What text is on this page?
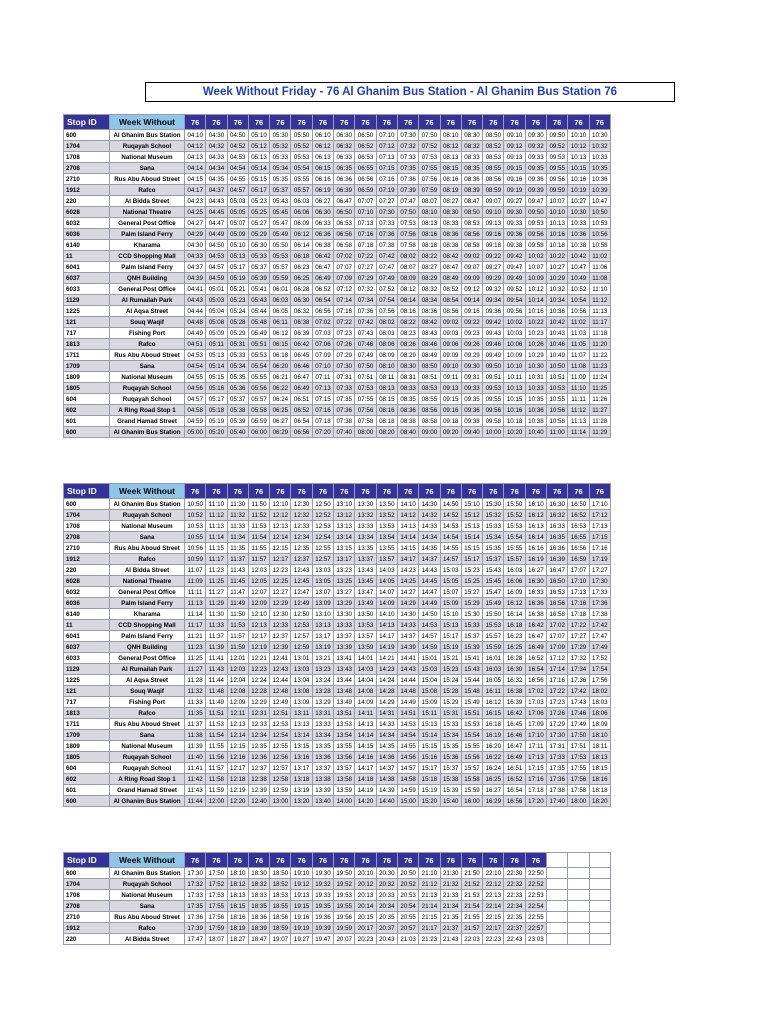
Week Without Friday - 76 Al Ghanim Bus Station - Al Ghanim Bus Station 76
Stop ID	Week Without	76	76	76	76	76	76	76	76	76	76	76	76	76	76	76	76	76	76	76	76
600	Al Ghanim Bus Station	04:10	04:30	04:50	05:10	05:30	05:50	06:10	06:30	06:50	07:10	07:30	07:50	08:10	08:30	08:50	09:10	09:30	09:50	10:10	10:30
1704	Ruqayah School	04:12	04:32	04:52	05:12	05:32	05:52	06:12	06:32	06:52	07:12	07:32	07:52	08:12	08:32	08:52	09:12	09:32	09:52	10:12	10:32
1708	National Museum	04:13	04:33	04:53	05:13	05:33	05:53	06:13	06:33	06:53	07:13	07:33	07:53	08:13	08:33	08:53	09:13	09:33	09:53	10:13	10:33
2708	Sana	04:14	04:34	04:54	05:14	05:34	05:54	06:15	06:35	06:55	07:15	07:35	07:55	08:15	08:35	08:55	09:15	09:35	09:55	10:15	10:35
2710	Rus Abu Aboud Street	04:15	04:35	04:55	05:15	05:35	05:55	06:16	06:36	06:56	07:16	07:36	07:56	08:16	08:36	08:56	09:16	09:36	09:56	10:16	10:36
1912	Rafco	04:17	04:37	04:57	05:17	05:37	05:57	06:19	06:39	06:59	07:19	07:39	07:59	08:19	08:39	08:59	09:19	09:39	09:59	10:19	10:39
220	Al Bidda Street	04:23	04:43	05:03	05:23	05:43	06:03	06:27	06:47	07:07	07:27	07:47	08:07	08:27	08:47	09:07	09:27	09:47	10:07	10:27	10:47
6028	National Theatre	04:25	04:45	05:05	05:25	05:45	06:06	06:30	06:50	07:10	07:30	07:50	08:10	08:30	08:50	09:10	09:30	09:50	10:10	10:30	10:50
6032	General Post Office	04:27	04:47	05:07	05:27	05:47	06:09	06:33	06:53	07:13	07:33	07:53	08:13	08:33	08:53	09:13	09:33	09:53	10:13	10:33	10:53
6036	Palm Island Ferry	04:29	04:49	05:09	05:29	05:49	06:12	06:36	06:56	07:16	07:36	07:56	08:16	08:36	08:56	09:16	09:36	09:56	10:16	10:36	10:56
6140	Kharama	04:30	04:50	05:10	05:30	05:50	06:14	06:38	06:58	07:18	07:38	07:58	08:18	08:38	08:58	09:18	09:38	09:58	10:18	10:38	10:58
11	CCD Shopping Mall	04:33	04:53	05:13	05:33	05:53	06:18	06:42	07:02	07:22	07:42	08:02	08:22	08:42	09:02	09:22	09:42	10:02	10:22	10:42	11:02
6041	Palm Island Ferry	04:37	04:57	05:17	05:37	05:57	06:23	06:47	07:07	07:27	07:47	08:07	08:27	08:47	09:07	09:27	09:47	10:07	10:27	10:47	11:06
6037	QNH Building	04:39	04:59	05:19	05:39	05:59	06:25	06:49	07:09	07:29	07:49	08:09	08:29	08:49	09:09	09:29	09:49	10:09	10:29	10:49	11:08
6033	General Post Office	04:41	05:01	05:21	05:41	06:01	06:28	06:52	07:12	07:32	07:52	08:12	08:32	08:52	09:12	09:32	09:52	10:12	10:32	10:52	11:10
1129	Al Rumailah Park	04:43	05:03	05:23	05:43	06:03	06:30	06:54	07:14	07:34	07:54	08:14	08:34	08:54	09:14	09:34	09:54	10:14	10:34	10:54	11:12
1225	Al Aqsa Street	04:44	05:04	05:24	05:44	06:05	06:32	06:56	07:16	07:36	07:56	08:16	08:36	08:56	09:16	09:36	09:56	10:16	10:36	10:56	11:13
121	Souq Waqif	04:48	05:08	05:28	05:48	06:11	06:38	07:02	07:22	07:42	08:02	08:22	08:42	09:02	09:22	09:42	10:02	10:22	10:42	11:02	11:17
717	Fishing Port	04:49	05:09	05:29	05:49	06:12	06:39	07:03	07:23	07:43	08:03	08:23	08:43	09:03	09:23	09:43	10:03	10:23	10:43	11:03	11:18
1813	Rafco	04:51	05:11	05:31	05:51	06:15	06:42	07:06	07:26	07:46	08:06	08:26	08:46	09:06	09:26	09:46	10:06	10:26	10:46	11:05	11:20
1711	Rus Abu Aboud Street	04:53	05:13	05:33	05:53	06:18	06:45	07:09	07:29	07:49	08:09	08:29	08:49	09:09	09:29	09:49	10:09	10:29	10:49	11:07	11:22
1709	Sana	04:54	05:14	05:34	05:54	06:20	06:46	07:10	07:30	07:50	08:10	08:30	08:50	09:10	09:30	09:50	10:10	10:30	10:50	11:08	11:23
1809	National Museum	04:55	05:15	05:35	05:55	06:21	06:47	07:11	07:31	07:51	08:11	08:31	08:51	09:11	09:31	09:51	10:11	10:31	10:51	11:09	11:24
1805	Ruqayah School	04:56	05:16	05:36	05:56	06:22	06:49	07:13	07:33	07:53	08:13	08:33	08:53	09:13	09:33	09:53	10:13	10:33	10:53	11:10	11:25
604	Ruqayah School	04:57	05:17	05:37	05:57	06:24	06:51	07:15	07:35	07:55	08:15	08:35	08:55	09:15	09:35	09:55	10:15	10:35	10:55	11:11	11:26
602	A Ring Road Stop 1	04:58	05:18	05:38	05:58	06:25	06:52	07:16	07:36	07:56	08:16	08:36	08:56	09:16	09:36	09:56	10:16	10:36	10:56	11:12	11:27
601	Grand Hamad Street	04:59	05:19	05:39	05:59	06:27	06:54	07:18	07:38	07:58	08:18	08:38	08:58	09:18	09:38	09:58	10:18	10:38	10:58	11:13	11:28
600	Al Ghanim Bus Station	05:00	05:20	05:40	06:00	06:29	06:56	07:20	07:40	08:00	08:20	08:40	09:00	09:20	09:40	10:00	10:20	10:40	11:00	11:14	11:29
Stop ID	Week Without	76	76	76	76	76	76	76	76	76	76	76	76	76	76	76	76	76	76	76	76
600	Al Ghanim Bus Station	10:50	11:10	11:30	11:50	12:10	12:30	12:50	13:10	13:30	13:50	14:10	14:30	14:50	15:10	15:30	15:50	16:10	16:30	16:50	17:10
1704	Ruqayah School	10:52	11:12	11:32	11:52	12:12	12:32	12:52	13:12	13:32	13:52	14:12	14:32	14:52	15:12	15:32	15:52	16:12	16:32	16:52	17:12
1708	National Museum	10:53	11:13	11:33	11:53	12:13	12:33	12:53	13:13	13:33	13:53	14:13	14:33	14:53	15:13	15:33	15:53	16:13	16:33	16:53	17:13
2708	Sana	10:55	11:14	11:34	11:54	12:14	12:34	12:54	13:14	13:34	13:54	14:14	14:34	14:54	15:14	15:34	15:54	16:14	16:35	16:55	17:15
2710	Rus Abu Aboud Street	10:56	11:15	11:35	11:55	12:15	12:35	12:55	13:15	13:35	13:55	14:15	14:35	14:55	15:15	15:35	15:55	16:16	16:36	16:56	17:16
1912	Rafco	10:59	11:17	11:37	11:57	12:17	12:37	12:57	13:17	13:37	13:57	14:17	14:37	14:57	15:17	15:37	15:57	16:19	16:39	16:59	17:19
220	Al Bidda Street	11:07	11:23	11:43	12:03	12:23	12:43	13:03	13:23	13:43	14:03	14:23	14:43	15:03	15:23	15:43	16:03	16:27	16:47	17:07	17:27
6028	National Theatre	11:09	11:25	11:45	12:05	12:25	12:45	13:05	13:25	13:45	14:05	14:25	14:45	15:05	15:25	15:45	16:06	16:30	16:50	17:10	17:30
6032	General Post Office	11:11	11:27	11:47	12:07	12:27	12:47	13:07	13:27	13:47	14:07	14:27	14:47	15:07	15:27	15:47	16:09	16:33	16:53	17:13	17:33
6036	Palm Island Ferry	11:13	11:29	11:49	12:09	12:29	12:49	13:09	13:29	13:49	14:09	14:29	14:49	15:09	15:29	15:49	16:12	16:36	16:56	17:16	17:36
6140	Kharama	11:14	11:30	11:50	12:10	12:30	12:50	13:10	13:30	13:50	14:10	14:30	14:50	15:10	15:30	15:50	16:14	16:38	16:58	17:18	17:38
11	CCD Shopping Mall	11:17	11:33	11:53	12:13	12:33	12:53	13:13	13:33	13:53	14:13	14:33	14:53	15:13	15:33	15:53	16:18	16:42	17:02	17:22	17:42
6041	Palm Island Ferry	11:21	11:37	11:57	12:17	12:37	12:57	13:17	13:37	13:57	14:17	14:37	14:57	15:17	15:37	15:57	16:23	16:47	17:07	17:27	17:47
6037	QNH Building	11:23	11:39	11:59	12:19	12:39	12:59	13:19	13:39	13:59	14:19	14:39	14:59	15:19	15:39	15:59	16:25	16:49	17:09	17:29	17:49
6033	General Post Office	11:25	11:41	12:01	12:21	12:41	13:01	13:21	13:41	14:01	14:21	14:41	15:01	15:21	15:41	16:01	16:28	16:52	17:12	17:32	17:52
1129	Al Rumailah Park	11:27	11:43	12:03	12:23	12:43	13:03	13:23	13:43	14:03	14:23	14:43	15:03	15:23	15:43	16:03	16:30	16:54	17:14	17:34	17:54
1225	Al Aqsa Street	11:28	11:44	12:04	12:24	12:44	13:04	13:24	13:44	14:04	14:24	14:44	15:04	15:24	15:44	16:05	16:32	16:56	17:16	17:36	17:56
121	Souq Waqif	11:32	11:48	12:08	12:28	12:48	13:08	13:28	13:48	14:08	14:28	14:48	15:08	15:28	15:48	16:11	16:38	17:02	17:22	17:42	18:02
717	Fishing Port	11:33	11:49	12:09	12:29	12:49	13:09	13:29	13:49	14:09	14:29	14:49	15:09	15:29	15:49	16:12	16:39	17:03	17:23	17:43	18:03
1813	Rafco	11:35	11:51	12:11	12:31	12:51	13:11	13:31	13:51	14:11	14:31	14:51	15:11	15:31	15:51	16:15	16:42	17:06	17:26	17:46	18:06
1711	Rus Abu Aboud Street	11:37	11:53	12:13	12:33	12:53	13:13	13:33	13:53	14:13	14:33	14:53	15:13	15:33	15:53	16:18	16:45	17:09	17:29	17:49	18:09
1709	Sana	11:38	11:54	12:14	12:34	12:54	13:14	13:34	13:54	14:14	14:34	14:54	15:14	15:34	15:54	16:19	16:46	17:10	17:30	17:50	18:10
1809	National Museum	11:39	11:55	12:15	12:35	12:55	13:15	13:35	13:55	14:15	14:35	14:55	15:15	15:35	15:55	16:20	16:47	17:11	17:31	17:51	18:11
1805	Ruqayah School	11:40	11:56	12:16	12:36	12:56	13:16	13:36	13:56	14:16	14:36	14:56	15:16	15:36	15:56	16:22	16:49	17:13	17:33	17:53	18:13
604	Ruqayah School	11:41	11:57	12:17	12:37	12:57	13:17	13:37	13:57	14:17	14:37	14:57	15:17	15:37	15:57	16:24	16:51	17:15	17:35	17:55	18:15
602	A Ring Road Stop 1	11:42	11:58	12:18	12:38	12:58	13:18	13:38	13:58	14:18	14:38	14:58	15:18	15:38	15:58	16:25	16:52	17:16	17:36	17:56	18:16
601	Grand Hamad Street	11:43	11:59	12:19	12:39	12:59	13:19	13:39	13:59	14:19	14:39	14:59	15:19	15:39	15:59	16:27	16:54	17:18	17:38	17:58	18:18
600	Al Ghanim Bus Station	11:44	12:00	12:20	12:40	13:00	13:20	13:40	14:00	14:20	14:40	15:00	15:20	15:40	16:00	16:29	16:56	17:20	17:40	18:00	18:20
Stop ID	Week Without	76	76	76	76	76	76	76	76	76	76	76	76	76	76	76	76	76			
600	Al Ghanim Bus Station	17:30	17:50	18:10	18:30	18:50	19:10	19:30	19:50	20:10	20:30	20:50	21:10	21:30	21:50	22:10	22:30	22:50			
1704	Ruqayah School	17:32	17:52	18:12	18:32	18:52	19:12	19:32	19:52	20:12	20:32	20:52	21:12	21:32	21:52	22:12	22:32	22:52			
1708	National Museum	17:33	17:53	18:13	18:33	18:53	19:13	19:33	19:53	20:13	20:33	20:53	21:13	21:33	21:53	22:13	22:33	22:53			
2708	Sana	17:35	17:55	18:15	18:35	18:55	19:15	19:35	19:55	20:14	20:34	20:54	21:14	21:34	21:54	22:14	22:34	22:54			
2710	Rus Abu Aboud Street	17:36	17:56	18:16	18:36	18:56	19:16	19:36	19:56	20:15	20:35	20:55	21:15	21:35	21:55	22:15	22:35	22:55			
1912	Rafco	17:39	17:59	18:19	18:39	18:59	19:19	19:39	19:59	20:17	20:37	20:57	21:17	21:37	21:57	22:17	22:37	22:57			
220	Al Bidda Street	17:47	18:07	18:27	18:47	19:07	19:27	19:47	20:07	20:23	20:43	21:03	21:23	21:43	22:03	22:23	22:43	23:03			
